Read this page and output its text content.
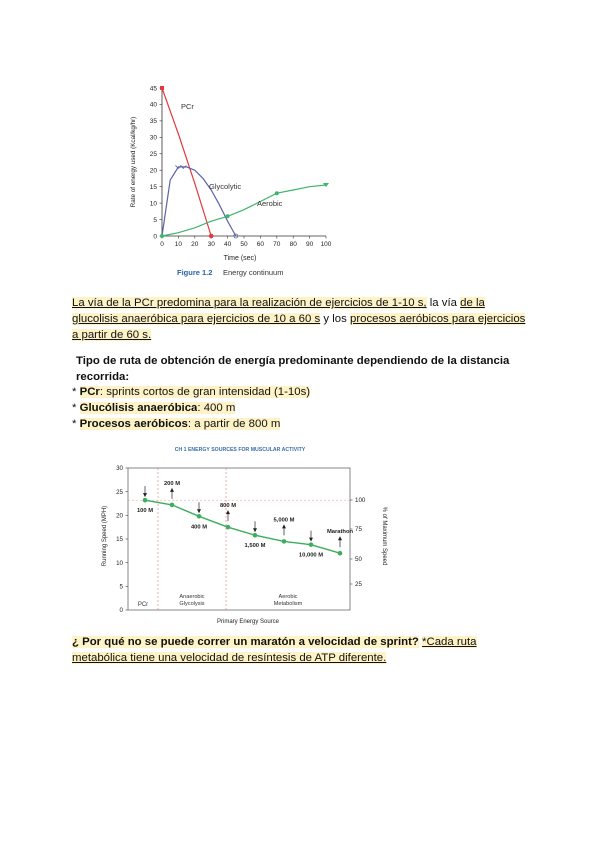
0 10 20 30 40 50 60 70 80 90 100
0
5
10
15
20
25
30
35
40
45
Rate of energy used (Kcal/kg/hr)
Time (sec)
PCr
Glycolytic
Aerobic
Figure 1.2 Energy continuum
La vía de la PCr predomina para la realización de ejercicios de 1-10 s, la vía de la glucolisis anaeróbica para ejercicios de 10 a 60 s y los procesos aeróbicos para ejercicios a partir de 60 s.
Tipo de ruta de obtención de energía predominante dependiendo de la distancia recorrida:
* PCr: sprints cortos de gran intensidad (1-10s)
* Glucólisis anaeróbica: 400 m
* Procesos aeróbicos: a partir de 800 m
CH 1 ENERGY SOURCES FOR MUSCULAR ACTIVITY
PCr
Anaerobic
Glycolysis
Aerobic
Metabolism
0
5
10
15
20
25
30
25
50
75
100
100 M
200 M
400 M
800 M
1,500 M
5,000 M
10,000 M
Marathon
Running Speed (MPH)	% of Maximum Speed
Primary Energy Source
¿ Por qué no se puede correr un maratón a velocidad de sprint? *Cada ruta metabólica tiene una velocidad de resíntesis de ATP diferente.
